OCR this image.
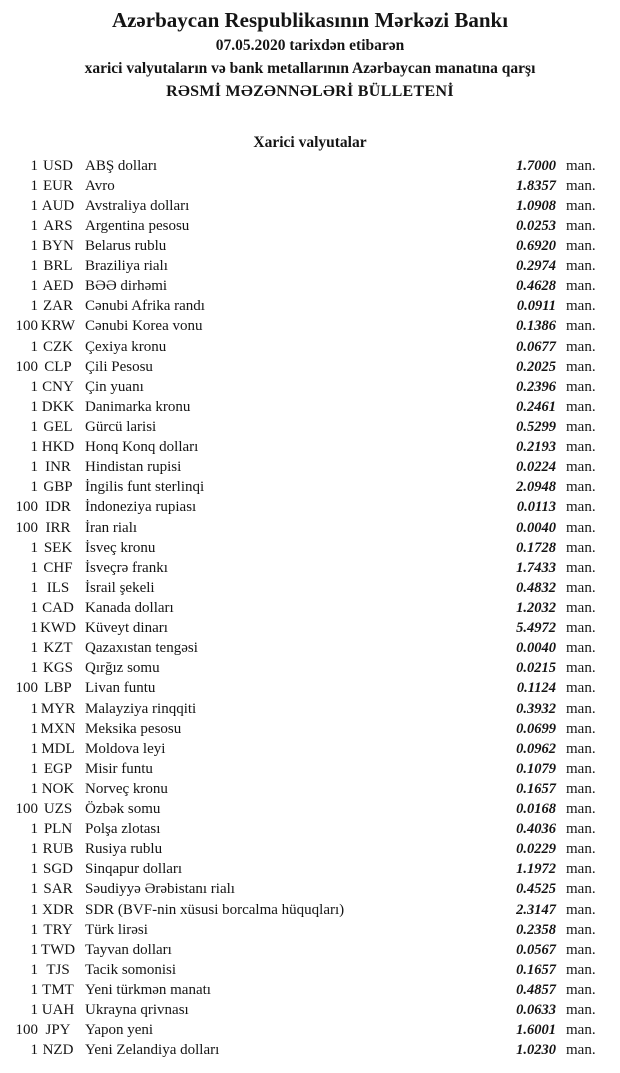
Azərbaycan Respublikasının Mərkəzi Bankı
07.05.2020 tarixdən etibarən
xarici valyutaların və bank metallarının Azərbaycan manatına qarşı
RƏSMİ MƏZƏNNƏLƏRİ BÜLLETENİ
Xarici valyutalar
1 USD ABŞ dolları	1.7000 man.
1 EUR Avro	1.8357 man.
1 AUD Avstraliya dolları	1.0908 man.
1 ARS Argentina pesosu	0.0253 man.
1 BYN Belarus rublu	0.6920 man.
1 BRL Braziliya rialı	0.2974 man.
1 AED BƏƏ dirhəmi	0.4628 man.
1 ZAR Cənubi Afrika randı	0.0911 man.
100 KRW Cənubi Korea vonu	0.1386 man.
1 CZK Çexiya kronu	0.0677 man.
100 CLP Çili Pesosu	0.2025 man.
1 CNY Çin yuanı	0.2396 man.
1 DKK Danimarka kronu	0.2461 man.
1 GEL Gürcü larisi	0.5299 man.
1 HKD Honq Konq dolları	0.2193 man.
1 INR Hindistan rupisi	0.0224 man.
1 GBP İngilis funt sterlinqi	2.0948 man.
100 IDR İndoneziya rupiası	0.0113 man.
100 IRR İran rialı	0.0040 man.
1 SEK İsveç kronu	0.1728 man.
1 CHF İsveçrə frankı	1.7433 man.
1 ILS	İsrail şekeli	0.4832 man.
1 CAD Kanada dolları	1.2032 man.
1 KWD Küveyt dinarı	5.4972 man.
1 KZT Qazaxıstan tengəsi	0.0040 man.
1 KGS Qırğız somu	0.0215 man.
100 LBP Livan funtu	0.1124 man.
1 MYR Malayziya rinqqiti	0.3932 man.
1 MXN Meksika pesosu	0.0699 man.
1 MDL Moldova leyi	0.0962 man.
1 EGP Misir funtu	0.1079 man.
1 NOK Norveç kronu	0.1657 man.
100 UZS Özbək somu	0.0168 man.
1 PLN Polşa zlotası	0.4036 man.
1 RUB Rusiya rublu	0.0229 man.
1 SGD Sinqapur dolları	1.1972 man.
1 SAR Səudiyyə Ərəbistanı rialı	0.4525 man.
1 XDR SDR (BVF-nin xüsusi borcalma hüquqları)	2.3147 man.
1 TRY Türk lirəsi	0.2358 man.
1 TWD Tayvan dolları	0.0567 man.
1 TJS	Tacik somonisi	0.1657 man.
1 TMT Yeni türkmən manatı	0.4857 man.
1 UAH Ukrayna qrivnası	0.0633 man.
100 JPY Yapon yeni	1.6001 man.
1 NZD Yeni Zelandiya dolları	1.0230 man.
